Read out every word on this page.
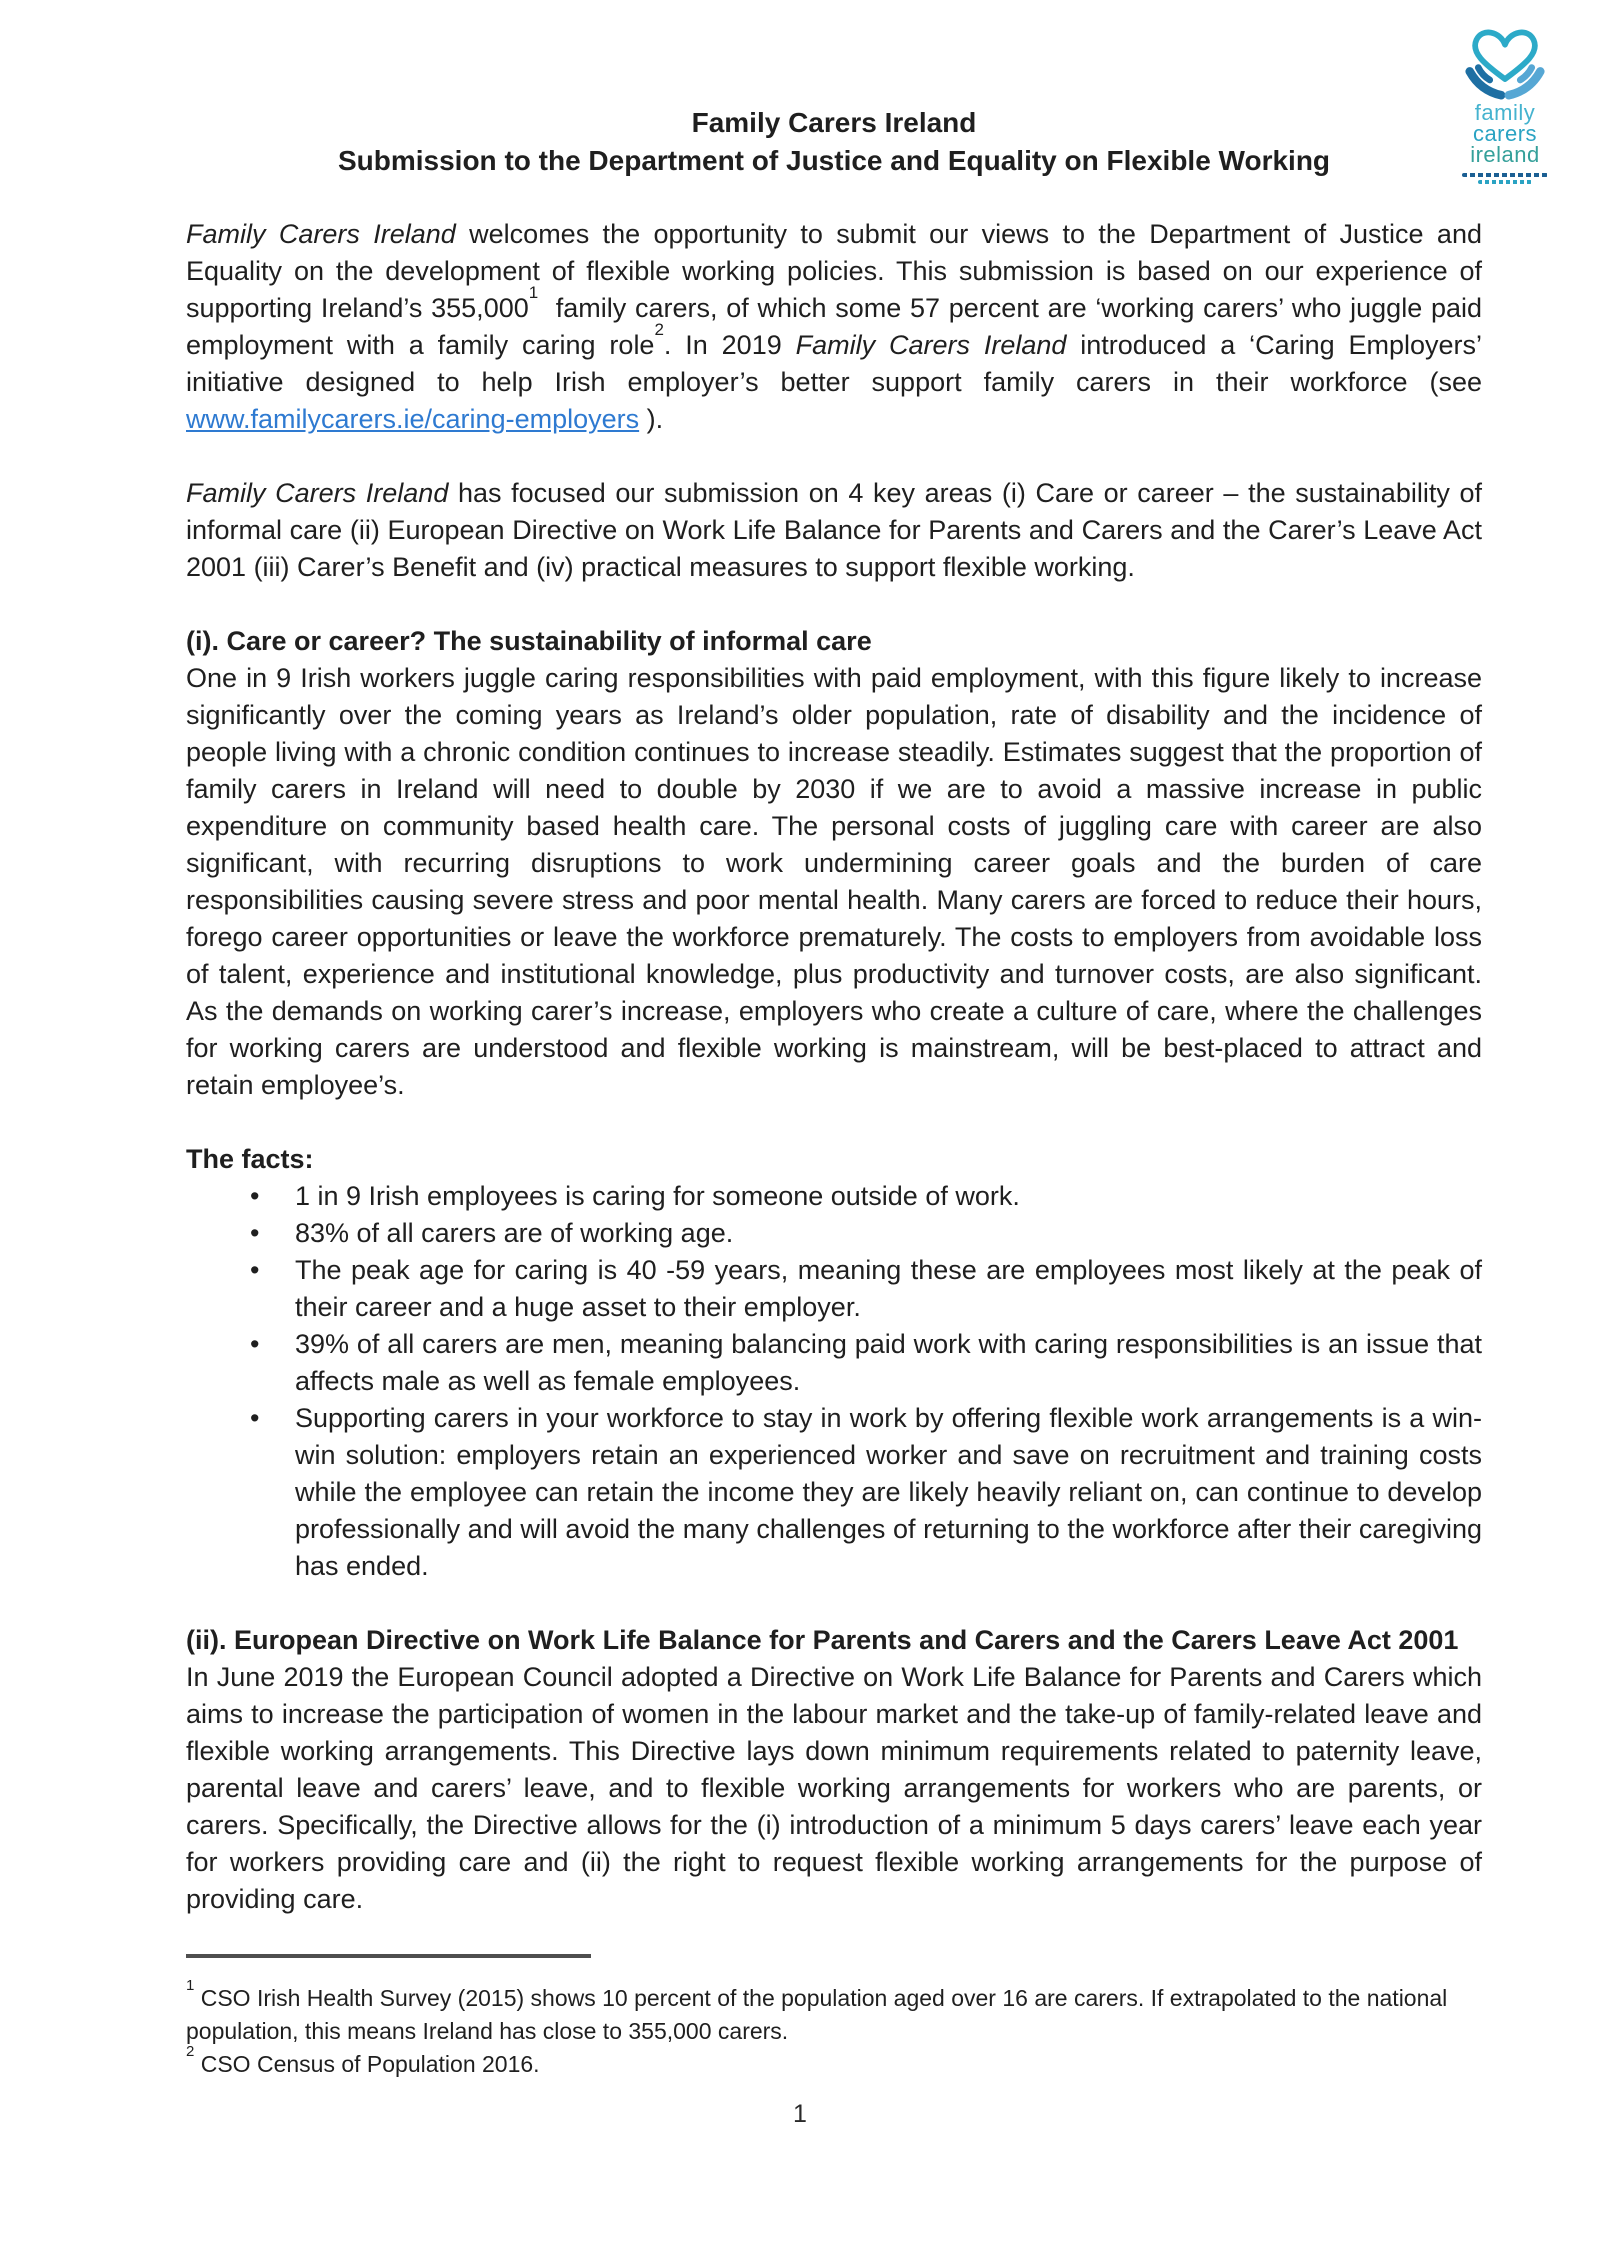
family
carers
ireland
Family Carers Ireland
Submission to the Department of Justice and Equality on Flexible Working

Family Carers Ireland welcomes the opportunity to submit our views to the Department of Justice and Equality on the development of flexible working policies. This submission is based on our experience of supporting Ireland’s 355,000$^1$  family carers, of which some 57 percent are ‘working carers’ who juggle paid employment with a family caring role$^2$. In 2019 Family Carers Ireland introduced a ‘Caring Employers’ initiative designed to help Irish employer’s better support family carers in their workforce (see www.familycarers.ie/caring-employers ).

Family Carers Ireland has focused our submission on 4 key areas (i) Care or career – the sustainability of informal care (ii) European Directive on Work Life Balance for Parents and Carers and the Carer’s Leave Act 2001 (iii) Carer’s Benefit and (iv) practical measures to support flexible working.

(i). Care or career? The sustainability of informal care

One in 9 Irish workers juggle caring responsibilities with paid employment, with this figure likely to increase significantly over the coming years as Ireland’s older population, rate of disability and the incidence of people living with a chronic condition continues to increase steadily. Estimates suggest that the proportion of family carers in Ireland will need to double by 2030 if we are to avoid a massive increase in public expenditure on community based health care. The personal costs of juggling care with career are also significant, with recurring disruptions to work undermining career goals and the burden of care responsibilities causing severe stress and poor mental health. Many carers are forced to reduce their hours, forego career opportunities or leave the workforce prematurely. The costs to employers from avoidable loss of talent, experience and institutional knowledge, plus productivity and turnover costs, are also significant. As the demands on working carer’s increase, employers who create a culture of care, where the challenges for working carers are understood and flexible working is mainstream, will be best-placed to attract and retain employee’s.

The facts:
• 1 in 9 Irish employees is caring for someone outside of work.
• 83% of all carers are of working age.
• The peak age for caring is 40 -59 years, meaning these are employees most likely at the peak of their career and a huge asset to their employer.
• 39% of all carers are men, meaning balancing paid work with caring responsibilities is an issue that affects male as well as female employees.
• Supporting carers in your workforce to stay in work by offering flexible work arrangements is a win-win solution: employers retain an experienced worker and save on recruitment and training costs while the employee can retain the income they are likely heavily reliant on, can continue to develop professionally and will avoid the many challenges of returning to the workforce after their caregiving has ended.
(ii). European Directive on Work Life Balance for Parents and Carers and the Carers Leave Act 2001

In June 2019 the European Council adopted a Directive on Work Life Balance for Parents and Carers which aims to increase the participation of women in the labour market and the take-up of family-related leave and flexible working arrangements. This Directive lays down minimum requirements related to paternity leave, parental leave and carers’ leave, and to flexible working arrangements for workers who are parents, or carers. Specifically, the Directive allows for the (i) introduction of a minimum 5 days carers’ leave each year for workers providing care and (ii) the right to request flexible working arrangements for the purpose of providing care.

$^1$ CSO Irish Health Survey (2015) shows 10 percent of the population aged over 16 are carers. If extrapolated to the national population, this means Ireland has close to 355,000 carers.

$^2$ CSO Census of Population 2016.

1
